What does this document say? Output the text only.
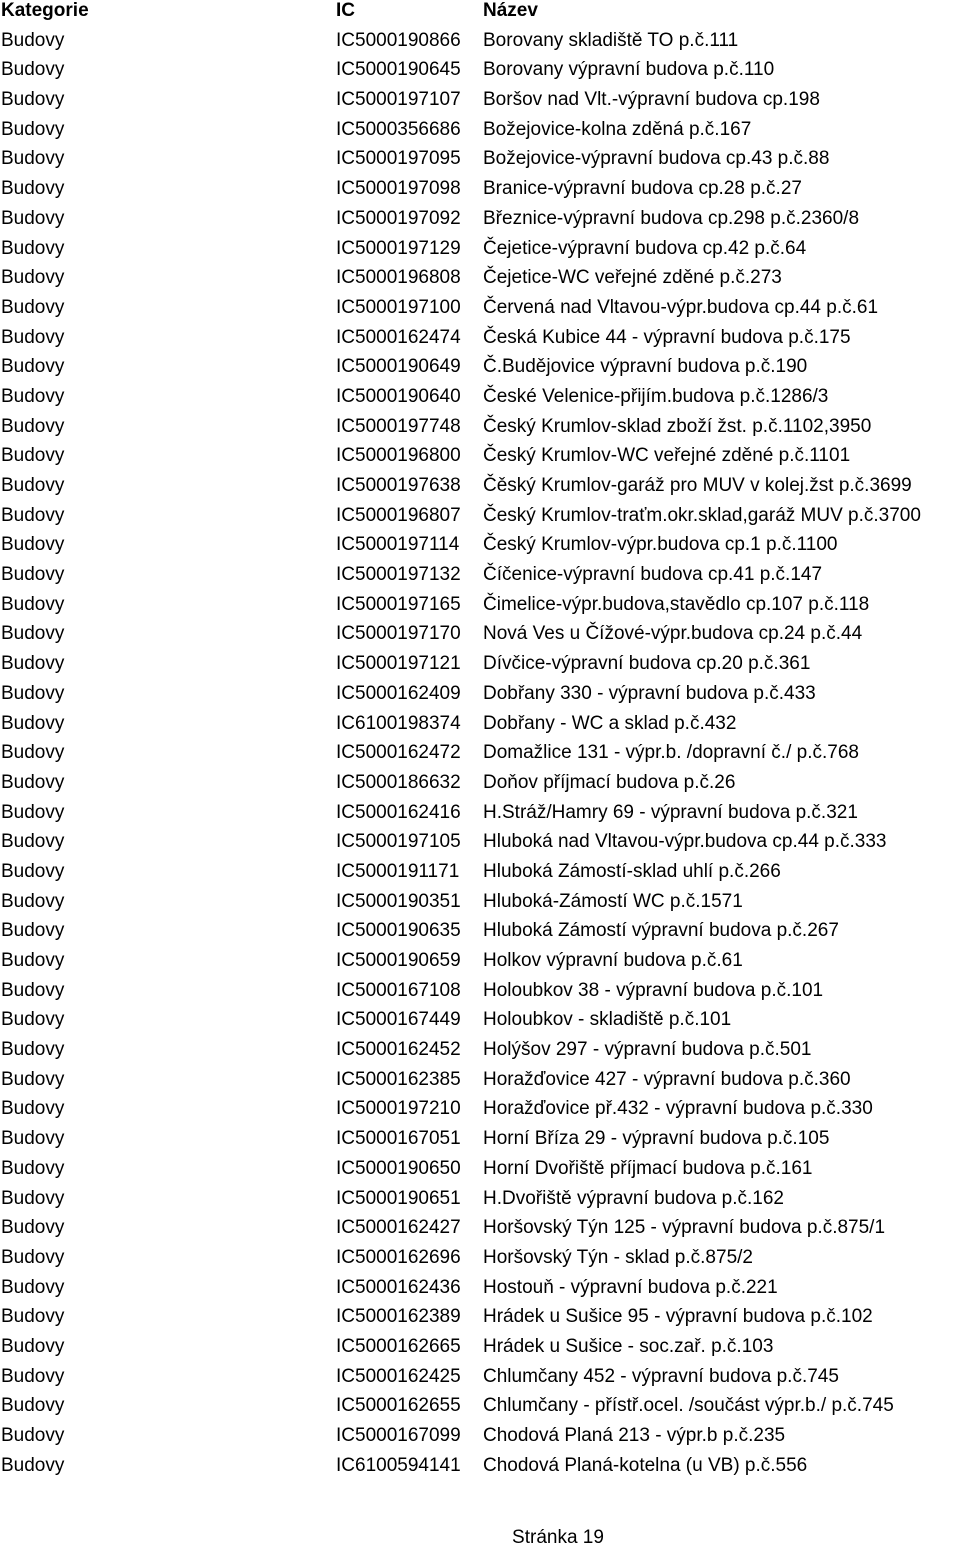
Kategorie	IC	Název
Budovy	IC5000190866 Borovany skladiště TO p.č.111
Budovy	IC5000190645 Borovany výpravní budova p.č.110
Budovy	IC5000197107 Boršov nad Vlt.-výpravní budova cp.198
Budovy	IC5000356686 Božejovice-kolna zděná p.č.167
Budovy	IC5000197095 Božejovice-výpravní budova cp.43 p.č.88
Budovy	IC5000197098 Branice-výpravní budova cp.28 p.č.27
Budovy	IC5000197092 Březnice-výpravní budova cp.298 p.č.2360/8
Budovy	IC5000197129 Čejetice-výpravní budova cp.42 p.č.64
Budovy	IC5000196808 Čejetice-WC veřejné zděné p.č.273
Budovy	IC5000197100 Červená nad Vltavou-výpr.budova cp.44 p.č.61
Budovy	IC5000162474 Česká Kubice 44 - výpravní budova p.č.175
Budovy	IC5000190649 Č.Budějovice výpravní budova p.č.190
Budovy	IC5000190640 České Velenice-přijím.budova p.č.1286/3
Budovy	IC5000197748 Český Krumlov-sklad zboží žst. p.č.1102,3950
Budovy	IC5000196800 Český Krumlov-WC veřejné zděné p.č.1101
Budovy	IC5000197638 Čěský Krumlov-garáž pro MUV v kolej.žst p.č.3699
Budovy	IC5000196807 Český Krumlov-traťm.okr.sklad,garáž MUV p.č.3700
Budovy	IC5000197114 Český Krumlov-výpr.budova cp.1 p.č.1100
Budovy	IC5000197132 Číčenice-výpravní budova cp.41 p.č.147
Budovy	IC5000197165 Čimelice-výpr.budova,stavědlo cp.107 p.č.118
Budovy	IC5000197170 Nová Ves u Čížové-výpr.budova cp.24 p.č.44
Budovy	IC5000197121 Dívčice-výpravní budova cp.20 p.č.361
Budovy	IC5000162409 Dobřany 330 - výpravní budova p.č.433
Budovy	IC6100198374 Dobřany - WC a sklad p.č.432
Budovy	IC5000162472 Domažlice 131 - výpr.b. /dopravní č./ p.č.768
Budovy	IC5000186632 Doňov příjmací budova p.č.26
Budovy	IC5000162416 H.Stráž/Hamry 69 - výpravní budova p.č.321
Budovy	IC5000197105 Hluboká nad Vltavou-výpr.budova cp.44 p.č.333
Budovy	IC5000191171 Hluboká Zámostí-sklad uhlí p.č.266
Budovy	IC5000190351 Hluboká-Zámostí WC p.č.1571
Budovy	IC5000190635 Hluboká Zámostí výpravní budova p.č.267
Budovy	IC5000190659 Holkov výpravní budova p.č.61
Budovy	IC5000167108 Holoubkov 38 - výpravní budova p.č.101
Budovy	IC5000167449 Holoubkov - skladiště p.č.101
Budovy	IC5000162452 Holýšov 297 - výpravní budova p.č.501
Budovy	IC5000162385 Horažďovice 427 - výpravní budova p.č.360
Budovy	IC5000197210 Horažďovice př.432 - výpravní budova p.č.330
Budovy	IC5000167051 Horní Bříza 29 - výpravní budova p.č.105
Budovy	IC5000190650 Horní Dvořiště příjmací budova p.č.161
Budovy	IC5000190651 H.Dvořiště výpravní budova p.č.162
Budovy	IC5000162427 Horšovský Týn 125 - výpravní budova p.č.875/1
Budovy	IC5000162696 Horšovský Týn - sklad p.č.875/2
Budovy	IC5000162436 Hostouň - výpravní budova p.č.221
Budovy	IC5000162389 Hrádek u Sušice 95 - výpravní budova p.č.102
Budovy	IC5000162665 Hrádek u Sušice - soc.zař. p.č.103
Budovy	IC5000162425 Chlumčany 452 - výpravní budova p.č.745
Budovy	IC5000162655 Chlumčany - přístř.ocel. /součást výpr.b./ p.č.745
Budovy	IC5000167099 Chodová Planá 213 - výpr.b p.č.235
Budovy	IC6100594141 Chodová Planá-kotelna (u VB) p.č.556
Stránka 19
